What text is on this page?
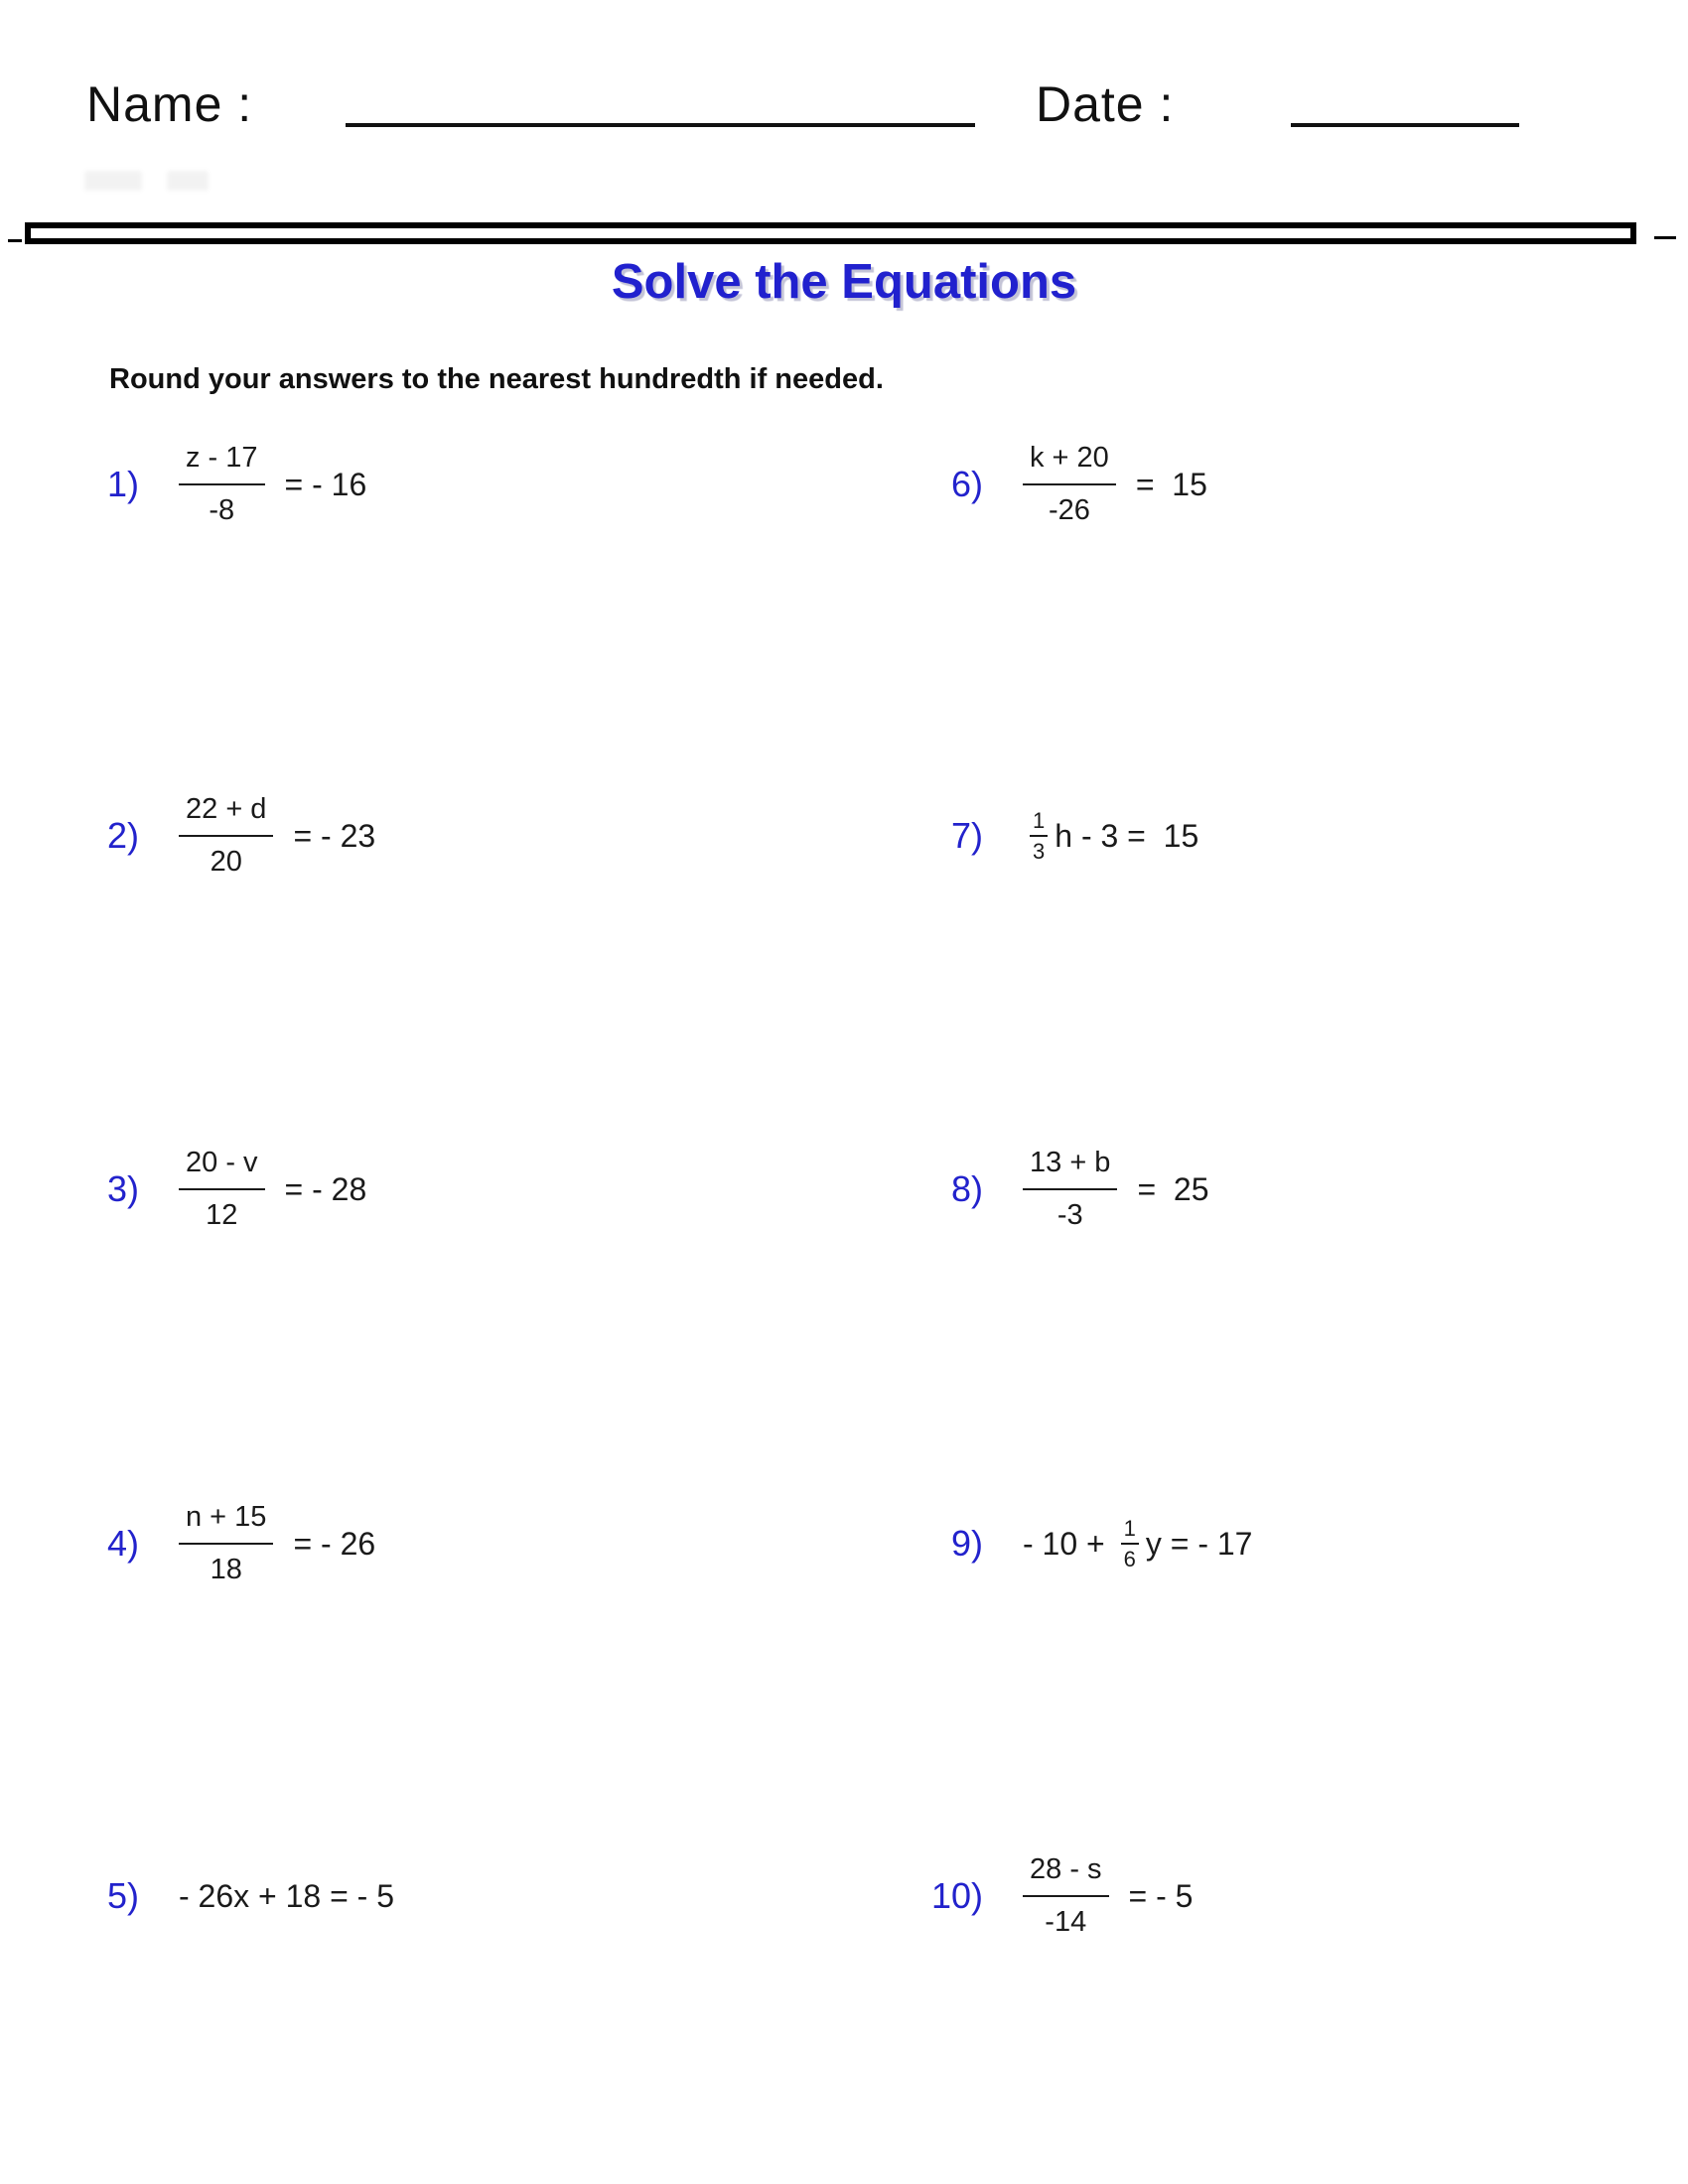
Name :	Date :
Solve the Equations
Round your answers to the nearest hundredth if needed.
$1) \frac{z - 17}{-8}$ = - 16
$2) \frac{22 + d}{20}$ = - 23
$3) \frac{20 - v}{12}$ = - 28
$4) \frac{n + 15}{18}$ = - 26
5) - 26x + 18 = - 5
$6) \frac{k + 20}{-26} = 15$
7) 1
3 h - 3 =  15
$8) \frac{13 + b}{-3} = 25$
9) - 10 + 1
6 y = - 17
$10) \frac{28 - s}{-14}$ = - 5
